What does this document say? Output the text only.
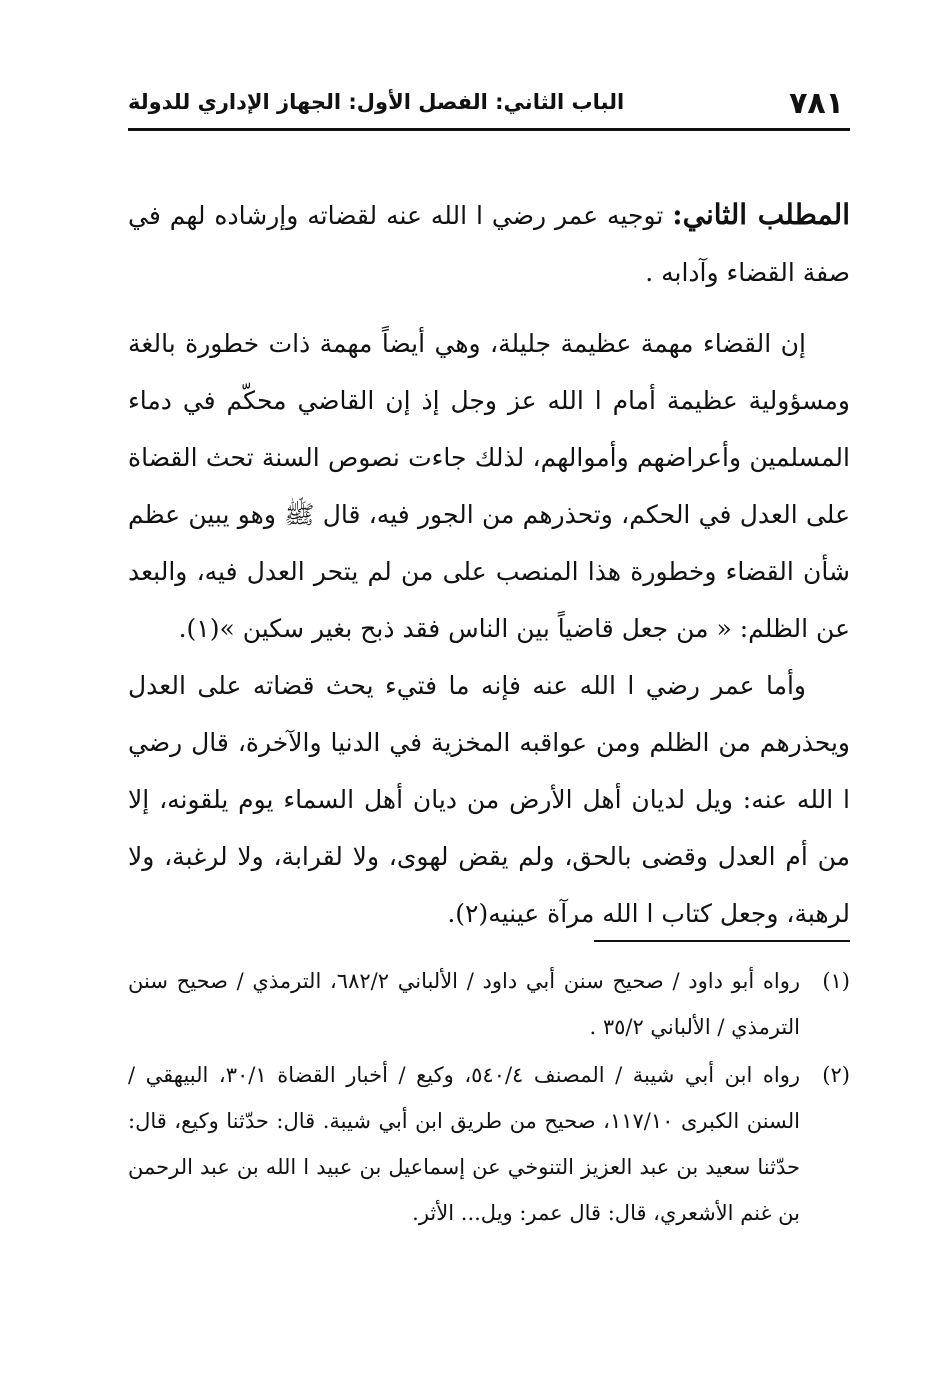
٧٨١
الباب الثاني: الفصل الأول: الجهاز الإداري للدولة

المطلب الثاني: توجيه عمر رضي ا الله عنه لقضاته وإرشاده لهم في صفة القضاء وآدابه .

إن القضاء مهمة عظيمة جليلة، وهي أيضاً مهمة ذات خطورة بالغة ومسؤولية عظيمة أمام ا الله عز وجل إذ إن القاضي محكّم في دماء المسلمين وأعراضهم وأموالهم، لذلك جاءت نصوص السنة تحث القضاة على العدل في الحكم، وتحذرهم من الجور فيه، قال ﷺ وهو يبين عظم شأن القضاء وخطورة هذا المنصب على من لم يتحر العدل فيه، والبعد عن الظلم: « من جعل قاضياً بين الناس فقد ذبح بغير سكين »(١).

وأما عمر رضي ا الله عنه فإنه ما فتيء يحث قضاته على العدل ويحذرهم من الظلم ومن عواقبه المخزية في الدنيا والآخرة، قال رضي ا الله عنه: ويل لديان أهل الأرض من ديان أهل السماء يوم يلقونه، إلا من أم العدل وقضى بالحق، ولم يقض لهوى، ولا لقرابة، ولا لرغبة، ولا لرهبة، وجعل كتاب ا الله مرآة عينيه(٢).

(١)رواه أبو داود / صحيح سنن أبي داود / الألباني ٦٨٢/٢، الترمذي / صحيح سنن الترمذي / الألباني ٣٥/٢ .

(٢)رواه ابن أبي شيبة / المصنف ٥٤٠/٤، وكيع / أخبار القضاة ٣٠/١، البيهقي / السنن الكبرى ١١٧/١٠، صحيح من طريق ابن أبي شيبة. قال: حدّثنا وكيع، قال: حدّثنا سعيد بن عبد العزيز التنوخي عن إسماعيل بن عبيد ا الله بن عبد الرحمن بن غنم الأشعري، قال: قال عمر: ويل... الأثر.
